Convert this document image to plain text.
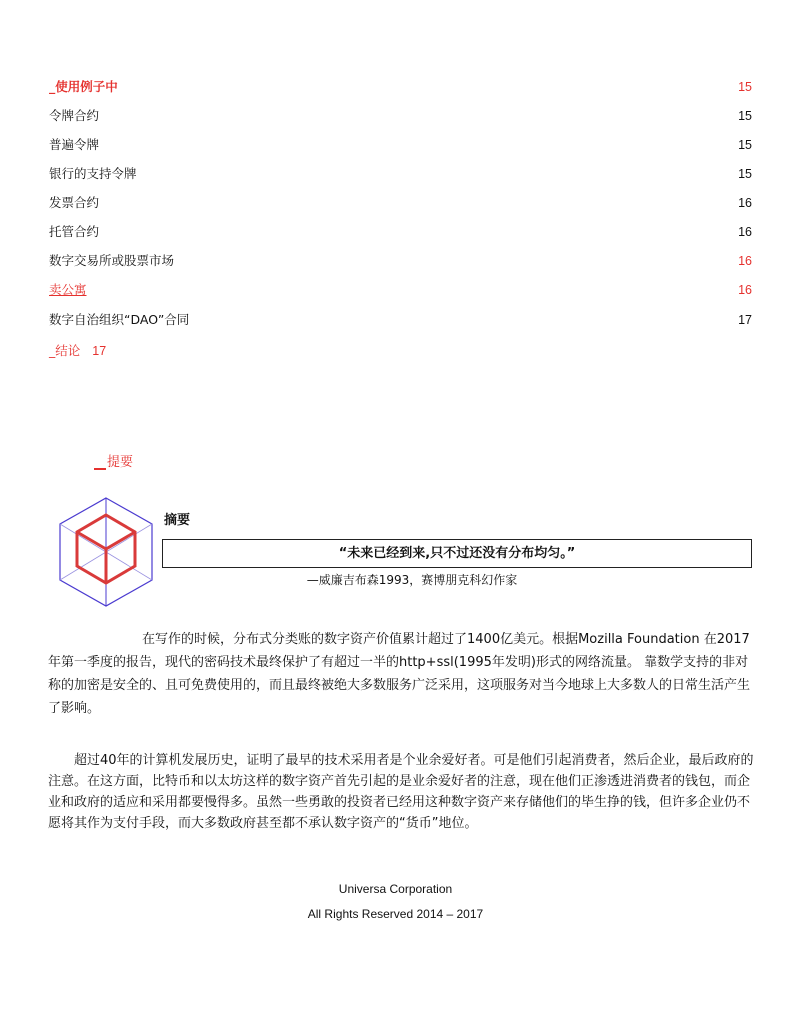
_使用例子中	15
令牌合约	15
普遍令牌	15
银行的支持令牌	15
发票合约	16
托管合约	16
数字交易所或股票市场	16
卖公寓	16
数字自治组织“DAO”合同	17
_结论 17
提要
摘要
“未来已经到来,只不过还没有分布均匀。”
—威廉吉布森1993，赛博朋克科幻作家

在写作的时候，分布式分类账的数字资产价值累计超过了1400亿美元。根据Mozilla Foundation 在2017年第一季度的报告，现代的密码技术最终保护了有超过一半的http+ssl(1995年发明)形式的网络流量。 靠数学支持的非对称的加密是安全的、且可免费使用的，而且最终被绝大多数服务广泛采用，这项服务对当今地球上大多数人的日常生活产生了影响。

超过40年的计算机发展历史，证明了最早的技术采用者是个业余爱好者。可是他们引起消费者，然后企业，最后政府的注意。在这方面，比特币和以太坊这样的数字资产首先引起的是业余爱好者的注意，现在他们正渗透进消费者的钱包，而企业和政府的适应和采用都要慢得多。虽然一些勇敢的投资者已经用这种数字资产来存储他们的毕生挣的钱，但许多企业仍不愿将其作为支付手段，而大多数政府甚至都不承认数字资产的“货币”地位。

Universa Corporation
All Rights Reserved 2014 – 2017
